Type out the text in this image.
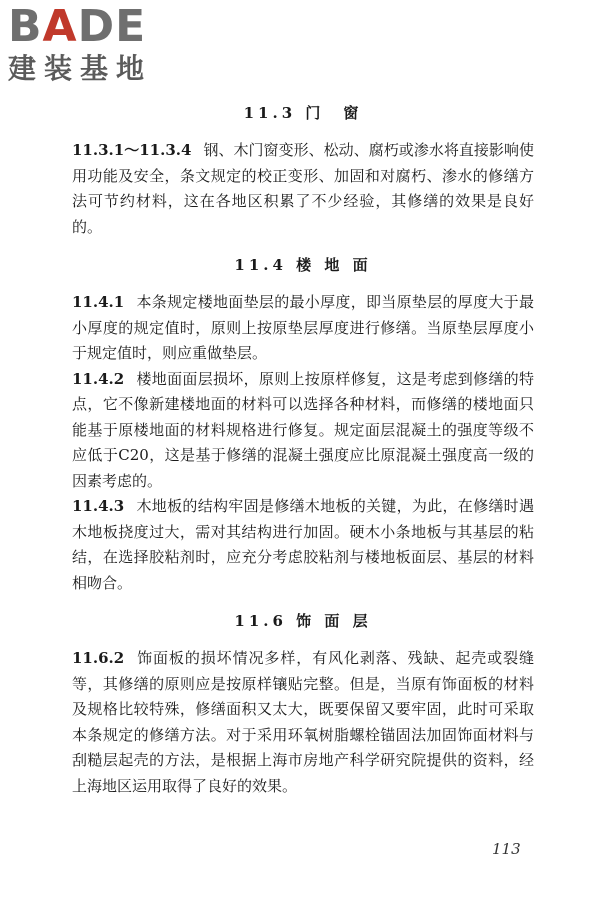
BADE
建装基地
11.3 门　窗

11.3.1～11.3.4 钢、木门窗变形、松动、腐朽或渗水将直接影响使用功能及安全，条文规定的校正变形、加固和对腐朽、渗水的修缮方法可节约材料，这在各地区积累了不少经验，其修缮的效果是良好的。

11.4 楼 地 面

11.4.1 本条规定楼地面垫层的最小厚度，即当原垫层的厚度大于最小厚度的规定值时，原则上按原垫层厚度进行修缮。当原垫层厚度小于规定值时，则应重做垫层。

11.4.2 楼地面面层损坏，原则上按原样修复，这是考虑到修缮的特点，它不像新建楼地面的材料可以选择各种材料，而修缮的楼地面只能基于原楼地面的材料规格进行修复。规定面层混凝土的强度等级不应低于C20，这是基于修缮的混凝土强度应比原混凝土强度高一级的因素考虑的。

11.4.3 木地板的结构牢固是修缮木地板的关键，为此，在修缮时遇木地板挠度过大，需对其结构进行加固。硬木小条地板与其基层的粘结，在选择胶粘剂时，应充分考虑胶粘剂与楼地板面层、基层的材料相吻合。

11.6 饰 面 层

11.6.2 饰面板的损坏情况多样，有风化剥落、残缺、起壳或裂缝等，其修缮的原则应是按原样镶贴完整。但是，当原有饰面板的材料及规格比较特殊，修缮面积又太大，既要保留又要牢固，此时可采取本条规定的修缮方法。对于采用环氧树脂螺栓锚固法加固饰面材料与刮糙层起壳的方法，是根据上海市房地产科学研究院提供的资料，经上海地区运用取得了良好的效果。

113
